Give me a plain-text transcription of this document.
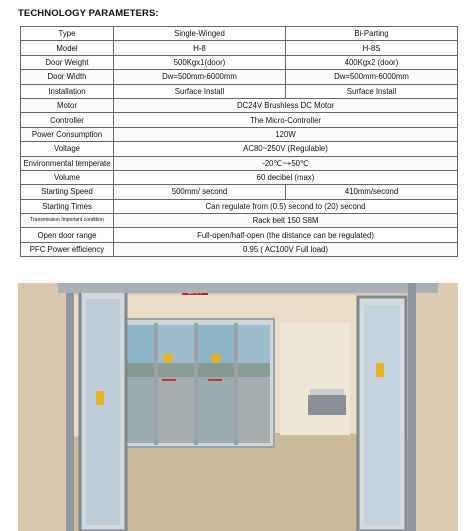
TECHNOLOGY PARAMETERS:
Type	Single-Winged	Bi-Parting
Model	H-8	H-8S
Door Weight	500Kgx1(door)	400Kgx2 (door)
Door Width	Dw=500mm-6000mm	Dw=500mm-6000mm
Installation	Surface Install	Surface Install
Motor	DC24V Brushless DC Motor	
Controller	The Micro-Controller	
Power Consumption	120W	
Voltage	AC80~250V (Regulable)	
Environmental temperate	-20℃~+50℃	
Volume	60 decibel (max)	
Starting Speed	500mm/ second	410mm/second
Starting Times	Can regulate from (0.5) second to (20) second	
Transmission Important condition	Rack belt 150 S8M	
Open door range	Full-open/half-open (the distance can be regulated)	
PFC Power efficiency	0.95 ( AC100V Full load)	
